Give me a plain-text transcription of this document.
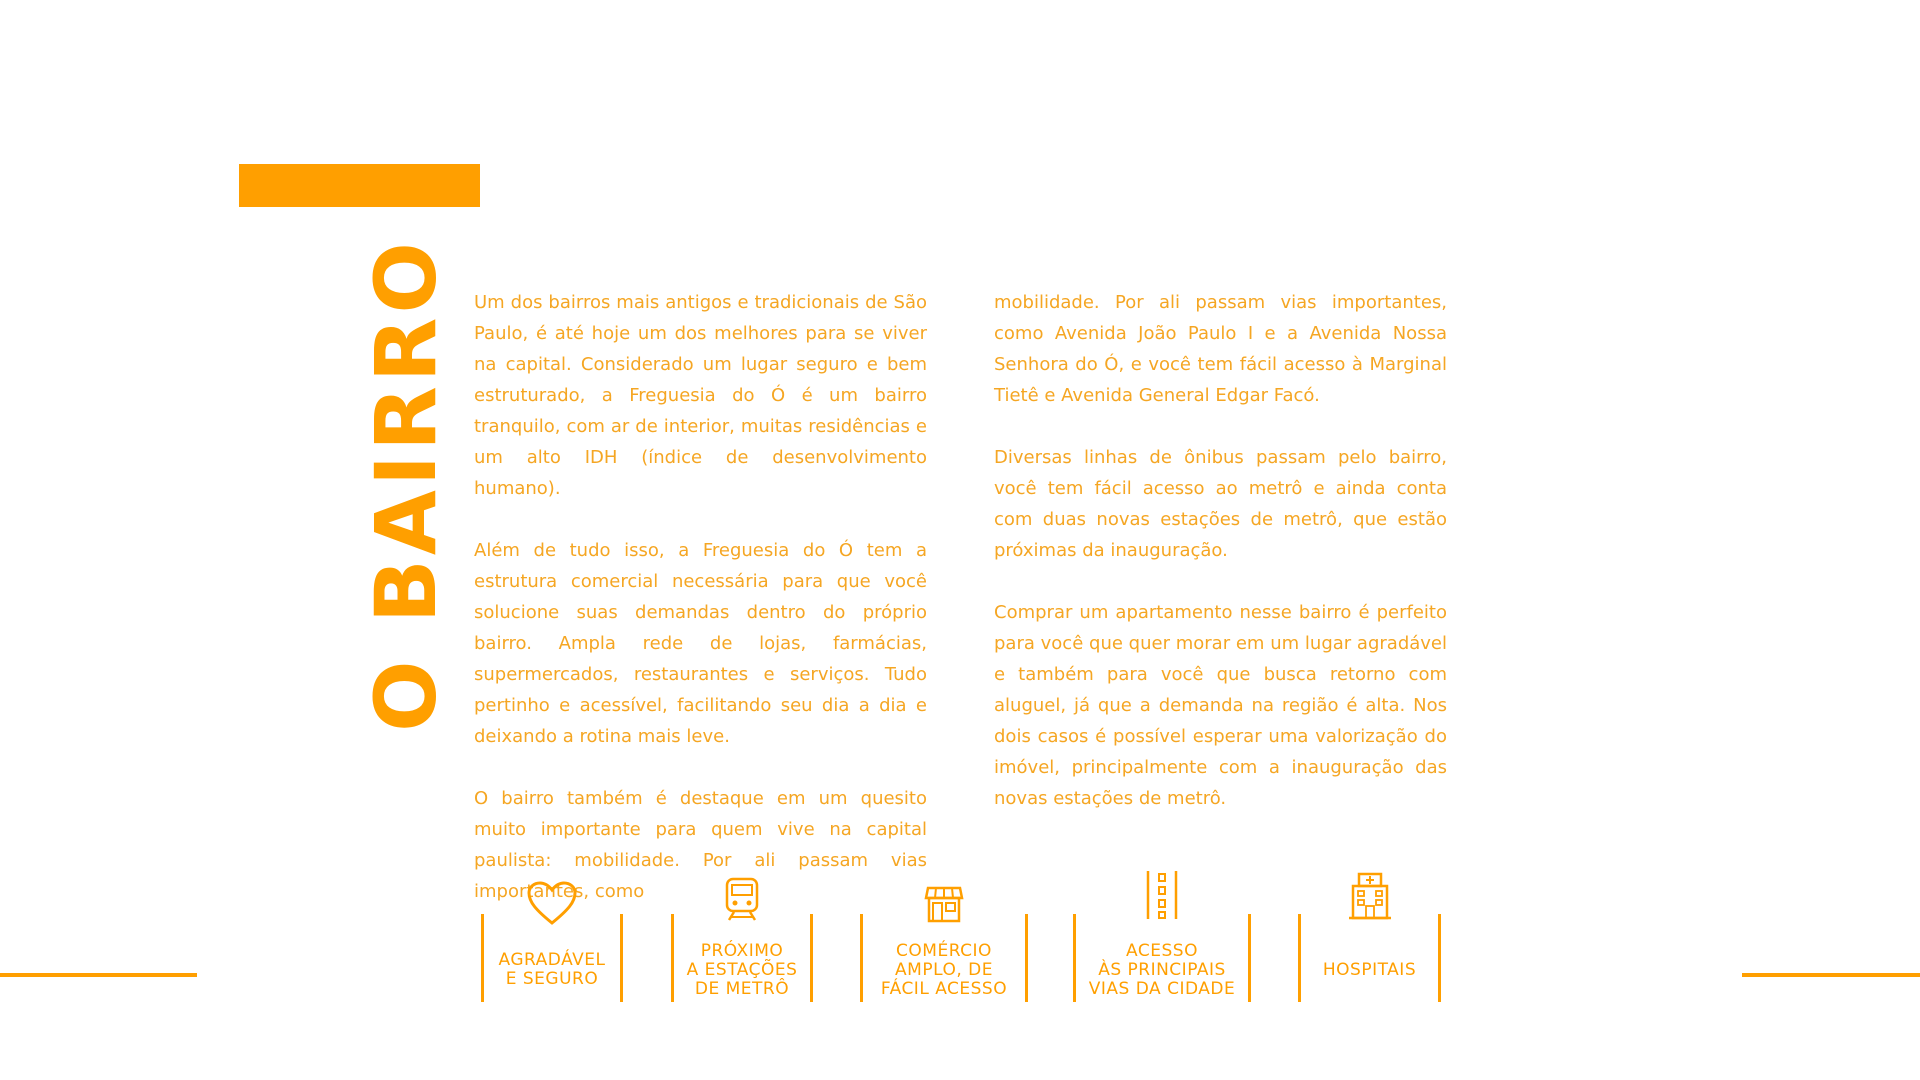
O BAIRRO Um dos bairros mais antigos e tradicionais de São Paulo, é até hoje um dos melhores para se viver na capital. Considerado um lugar seguro e bem estruturado, a Freguesia do Ó é um bairro tranquilo, com ar de interior, muitas residências e um alto IDH (índice de desenvolvimento humano).

Além de tudo isso, a Freguesia do Ó tem a estrutura comercial necessária para que você solucione suas demandas dentro do próprio bairro. Ampla rede de lojas, farmácias, supermercados, restaurantes e serviços. Tudo pertinho e acessível, facilitando seu dia a dia e deixando a rotina mais leve.

O bairro também é destaque em um quesito muito importante para quem vive na capital paulista: mobilidade. Por ali passam vias importantes, como

mobilidade. Por ali passam vias importantes, como Avenida João Paulo I e a Avenida Nossa Senhora do Ó, e você tem fácil acesso à Marginal Tietê e Avenida General Edgar Facó.

Diversas linhas de ônibus passam pelo bairro, você tem fácil acesso ao metrô e ainda conta com duas novas estações de metrô, que estão próximas da inauguração.

Comprar um apartamento nesse bairro é perfeito para você que quer morar em um lugar agradável e também para você que busca retorno com aluguel, já que a demanda na região é alta. Nos dois casos é possível esperar uma valorização do imóvel, principalmente com a inauguração das novas estações de metrô.

AGRADÁVEL
E SEGURO
PRÓXIMO
A ESTAÇÕES
DE METRÔ
COMÉRCIO
AMPLO, DE
FÁCIL ACESSO
ACESSO
ÀS PRINCIPAIS
VIAS DA CIDADE
HOSPITAIS
